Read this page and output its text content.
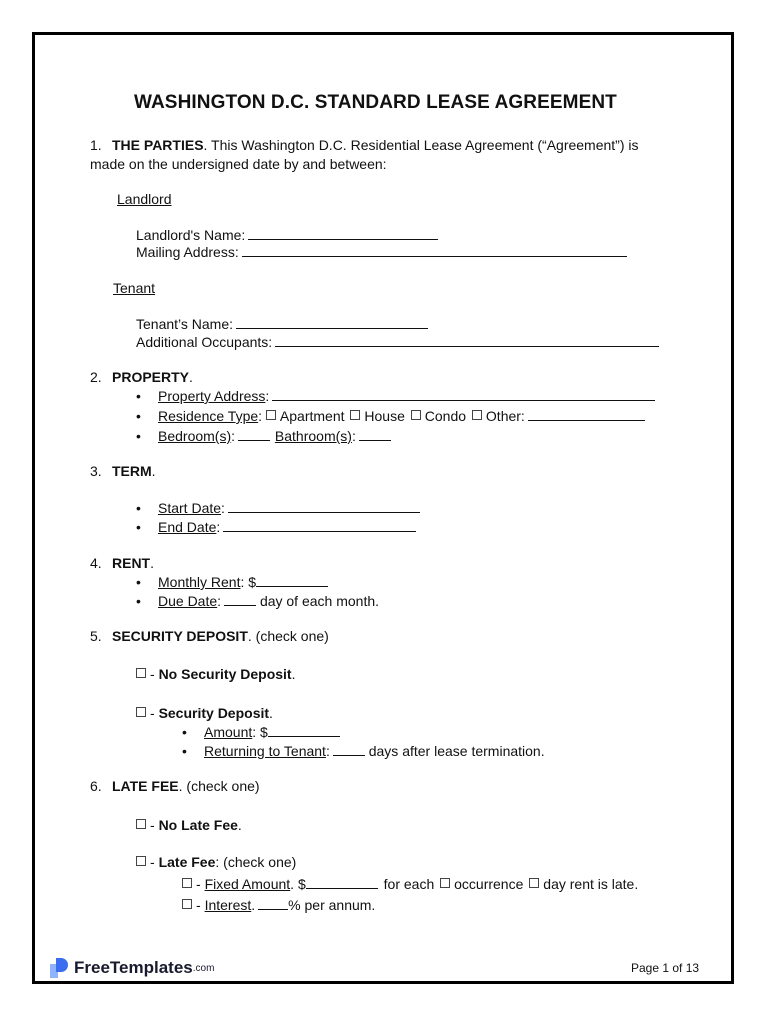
WASHINGTON D.C. STANDARD LEASE AGREEMENT
1. THE PARTIES. This Washington D.C. Residential Lease Agreement (“Agreement”) is
made on the undersigned date by and between:
Landlord
Landlord's Name:
Mailing Address:
Tenant
Tenant’s Name:
Additional Occupants:
2. PROPERTY.
• Property Address:
• Residence Type: Apartment House Condo Other:
• Bedroom(s):	Bathroom(s):
3. TERM.
• Start Date:
• End Date:
4. RENT.
• Monthly Rent: $
• Due Date:	day of each month.
5. SECURITY DEPOSIT. (check one)
- No Security Deposit.
- Security Deposit.
• Amount: $
• Returning to Tenant:	days after lease termination.
6. LATE FEE. (check one)
- No Late Fee.
- Late Fee: (check one)
- Fixed Amount. $	for each occurrence day rent is late.
- Interest. % per annum.
FreeTemplates .com	Page 1 of 13
